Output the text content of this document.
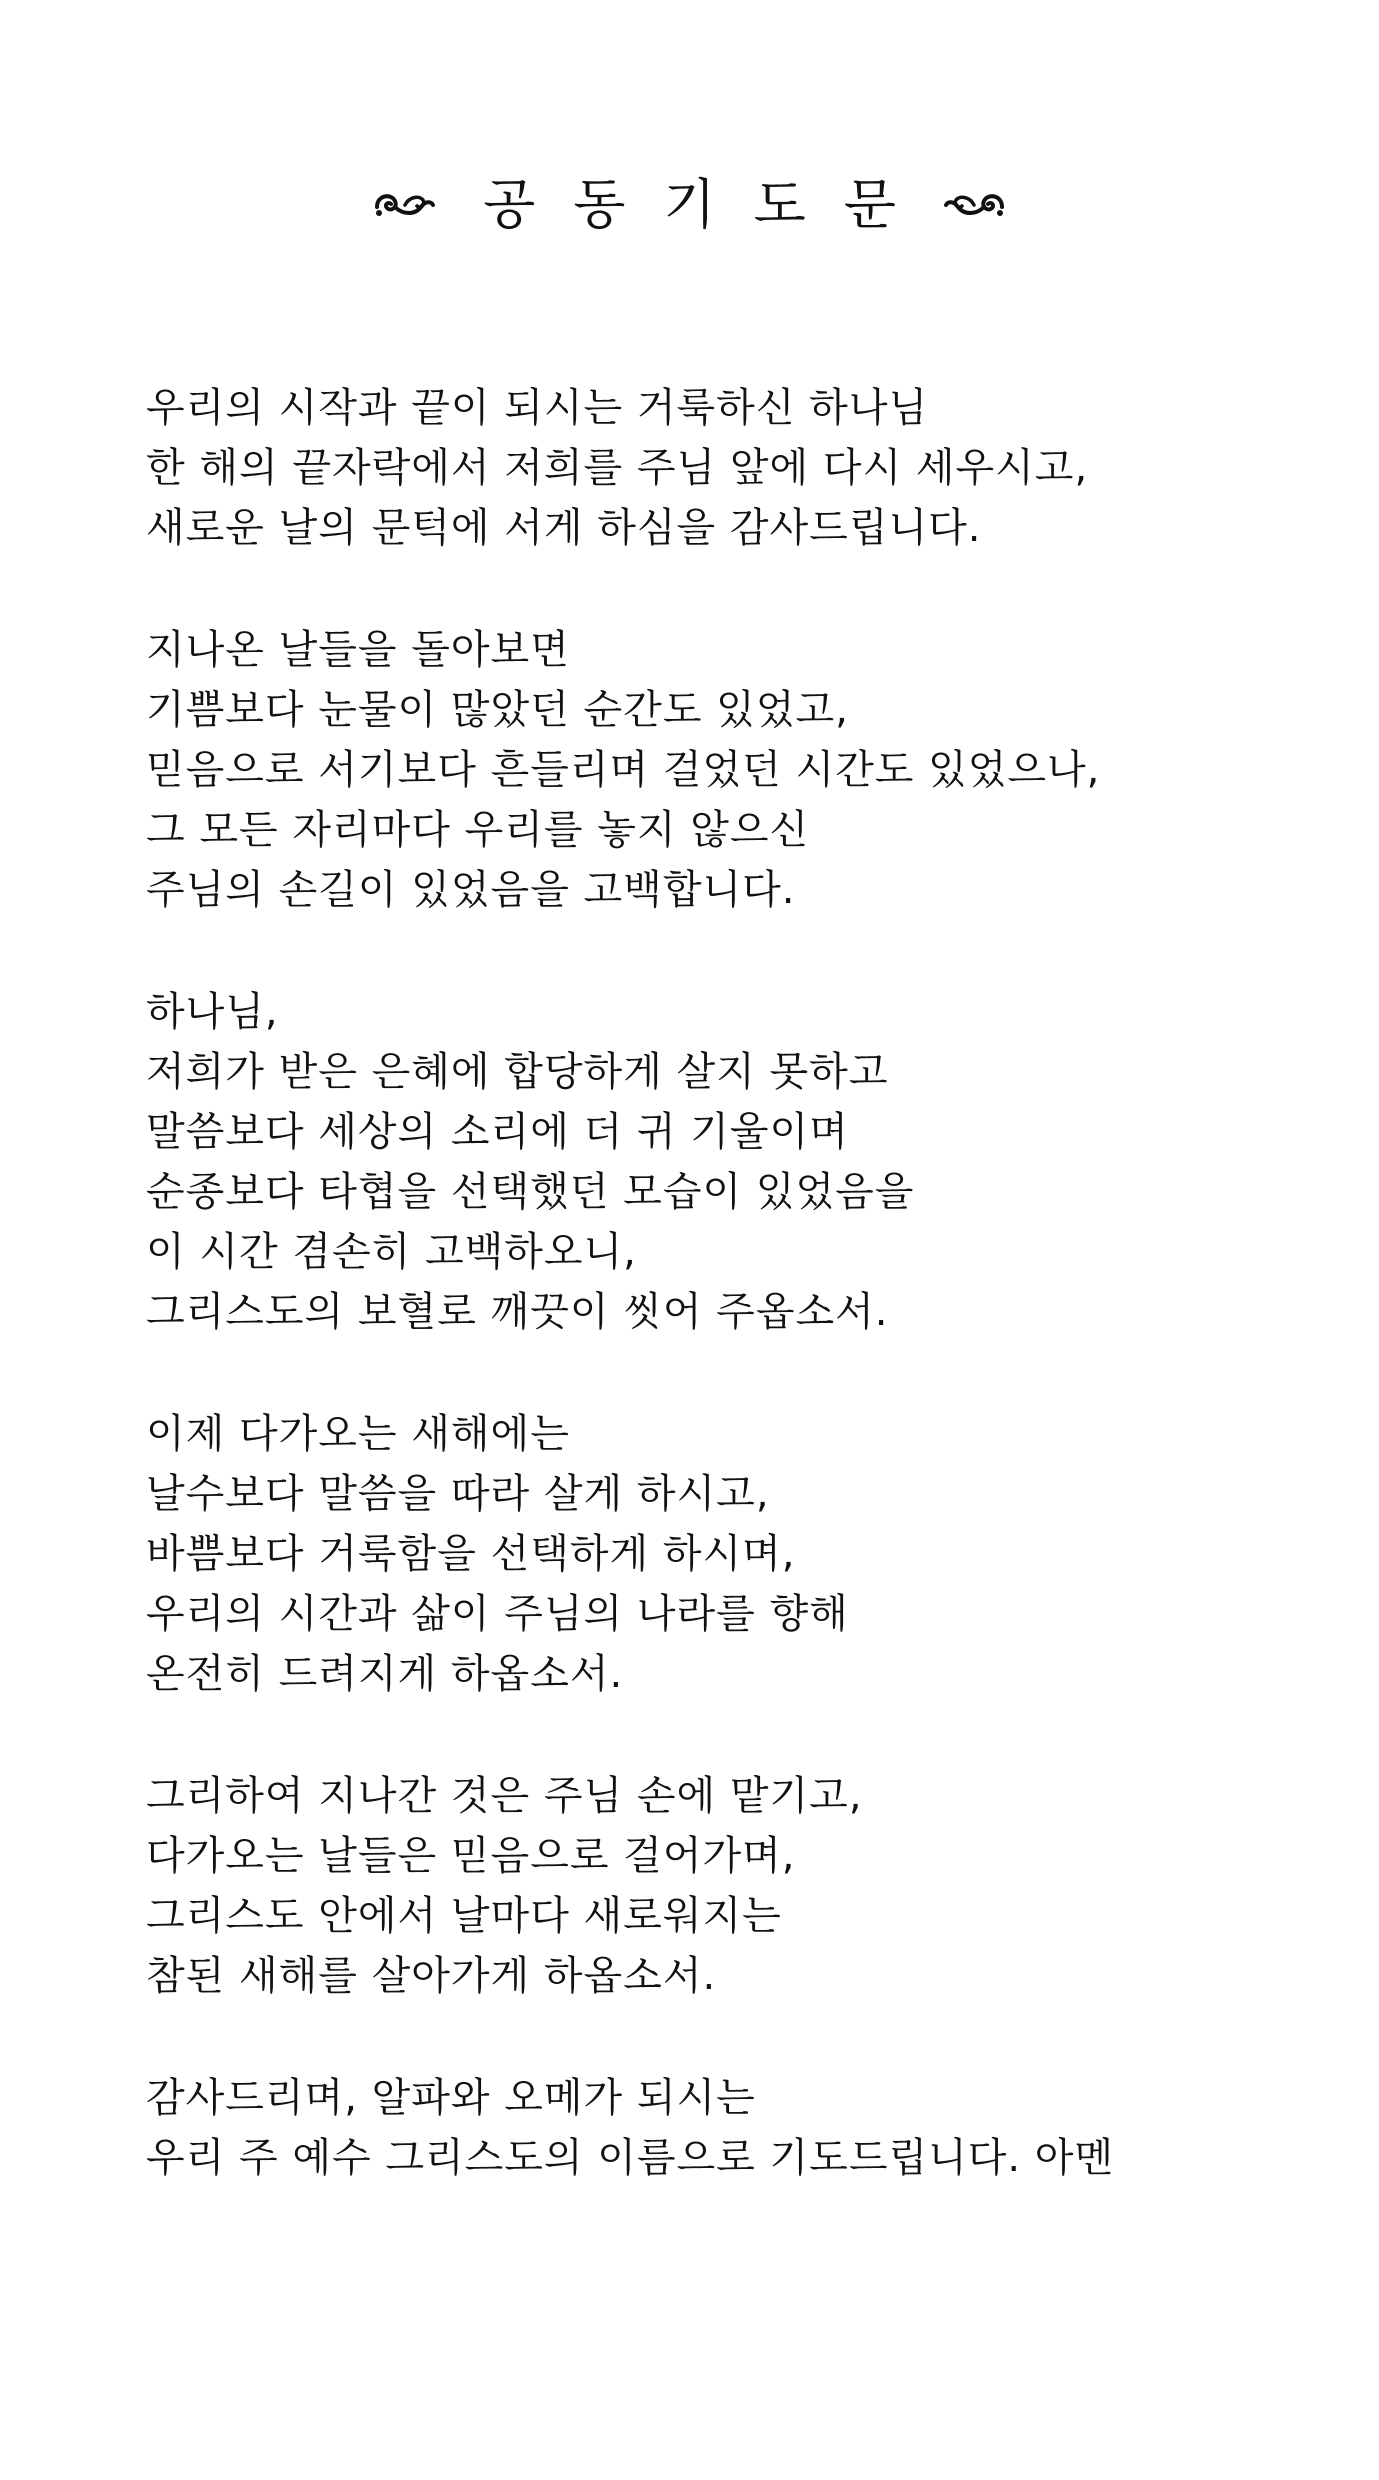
공동기도문
우리의 시작과 끝이 되시는 거룩하신 하나님
한 해의 끝자락에서 저희를 주님 앞에 다시 세우시고,
새로운 날의 문턱에 서게 하심을 감사드립니다.
지나온 날들을 돌아보면
기쁨보다 눈물이 많았던 순간도 있었고,
믿음으로 서기보다 흔들리며 걸었던 시간도 있었으나,
그 모든 자리마다 우리를 놓지 않으신
주님의 손길이 있었음을 고백합니다.
하나님,
저희가 받은 은혜에 합당하게 살지 못하고
말씀보다 세상의 소리에 더 귀 기울이며
순종보다 타협을 선택했던 모습이 있었음을
이 시간 겸손히 고백하오니,
그리스도의 보혈로 깨끗이 씻어 주옵소서.
이제 다가오는 새해에는
날수보다 말씀을 따라 살게 하시고,
바쁨보다 거룩함을 선택하게 하시며,
우리의 시간과 삶이 주님의 나라를 향해
온전히 드려지게 하옵소서.
그리하여 지나간 것은 주님 손에 맡기고,
다가오는 날들은 믿음으로 걸어가며,
그리스도 안에서 날마다 새로워지는
참된 새해를 살아가게 하옵소서.
감사드리며, 알파와 오메가 되시는
우리 주 예수 그리스도의 이름으로 기도드립니다. 아멘
